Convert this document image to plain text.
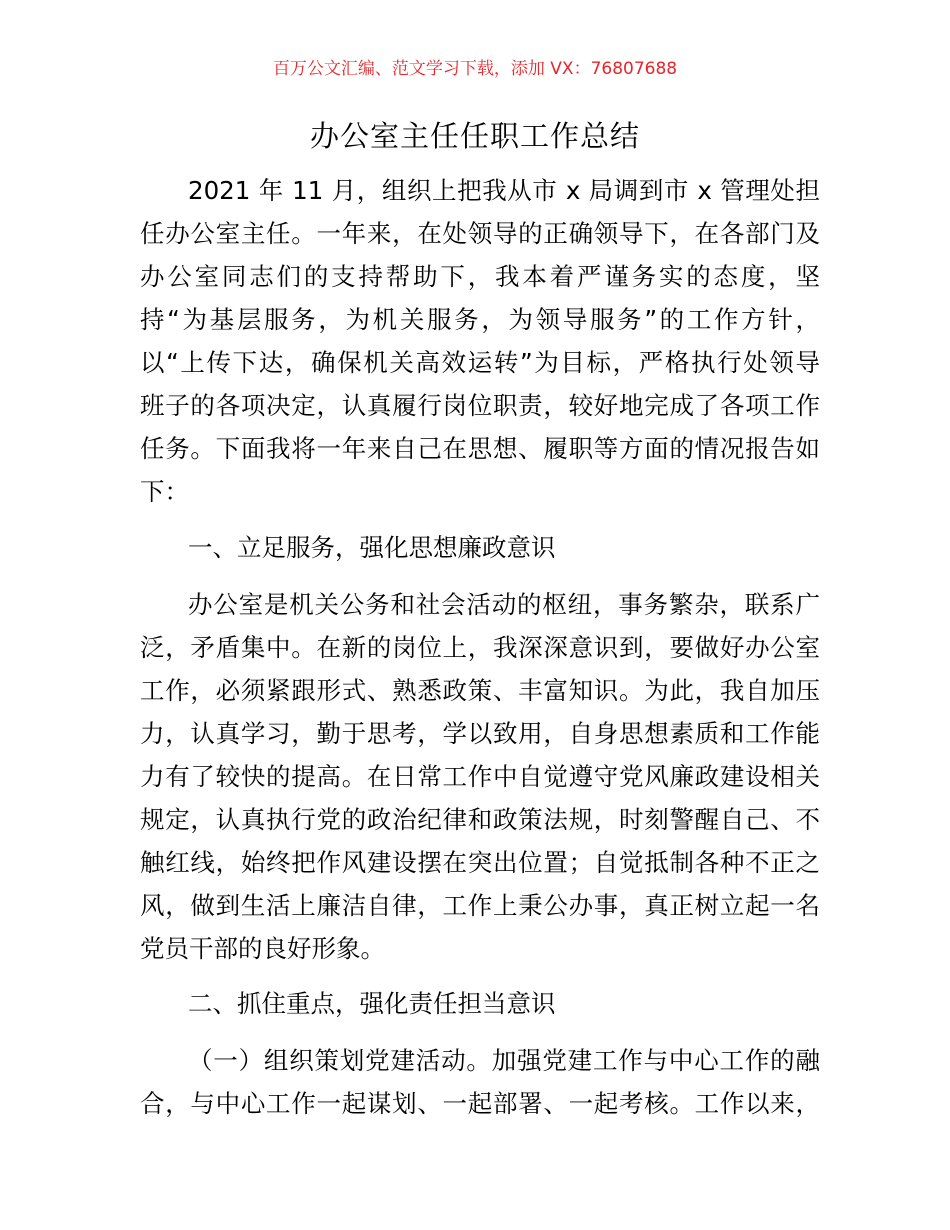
百万公文汇编、范文学习下载，添加 VX：76807688
办公室主任任职工作总结
2021 年 11 月，组织上把我从市 x 局调到市 x 管理处担
任办公室主任。一年来，在处领导的正确领导下，在各部门及
办公室同志们的支持帮助下，我本着严谨务实的态度，坚
持“为基层服务，为机关服务，为领导服务”的工作方针，
以“上传下达，确保机关高效运转”为目标，严格执行处领导
班子的各项决定，认真履行岗位职责，较好地完成了各项工作
任务。下面我将一年来自己在思想、履职等方面的情况报告如
下：
一、立足服务，强化思想廉政意识
办公室是机关公务和社会活动的枢纽，事务繁杂，联系广
泛，矛盾集中。在新的岗位上，我深深意识到，要做好办公室
工作，必须紧跟形式、熟悉政策、丰富知识。为此，我自加压
力，认真学习，勤于思考，学以致用，自身思想素质和工作能
力有了较快的提高。在日常工作中自觉遵守党风廉政建设相关
规定，认真执行党的政治纪律和政策法规，时刻警醒自己、不
触红线，始终把作风建设摆在突出位置；自觉抵制各种不正之
风，做到生活上廉洁自律，工作上秉公办事，真正树立起一名
党员干部的良好形象。
二、抓住重点，强化责任担当意识
（一）组织策划党建活动。加强党建工作与中心工作的融
合，与中心工作一起谋划、一起部署、一起考核。工作以来，
